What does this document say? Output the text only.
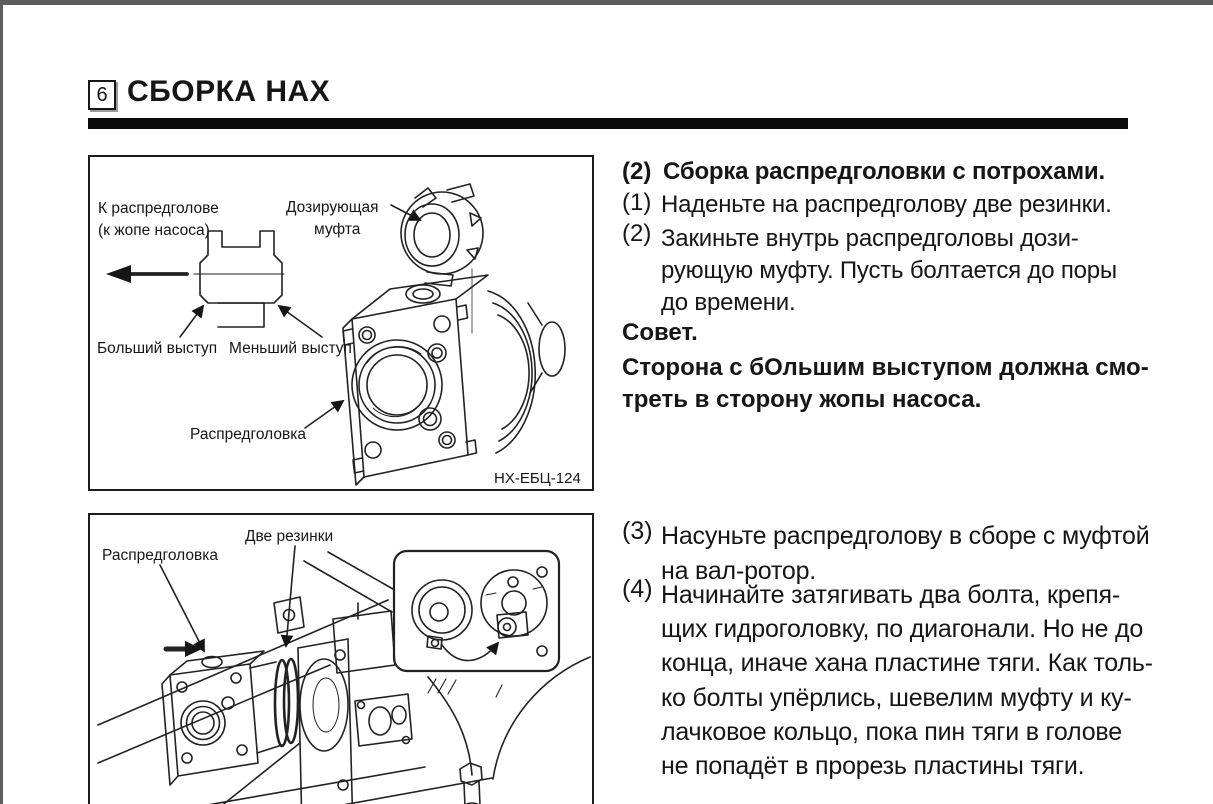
6 СБОРКА НАХ
К распредголове
(к жопе насоса)
Дозирующая
муфта
Больший выступ Меньший выступ
Распредголовка
НХ-ЕБЦ-124
Две резинки
Распредголовка
(2) Сборка распредголовки с потрохами.
(1) Наденьте на распредголову две резинки.
(2) Закиньте внутрь распредголовы дози-
рующую муфту. Пусть болтается до поры
до времени.
Совет.
Сторона с бОльшим выступом должна смо-
треть в сторону жопы насоса.
(3) Насуньте распредголову в сборе с муфтой
на вал-ротор.
(4) Начинайте затягивать два болта, крепя-
щих гидроголовку, по диагонали. Но не до
конца, иначе хана пластине тяги. Как толь-
ко болты упёрлись, шевелим муфту и ку-
лачковое кольцо, пока пин тяги в голове
не попадёт в прорезь пластины тяги.
